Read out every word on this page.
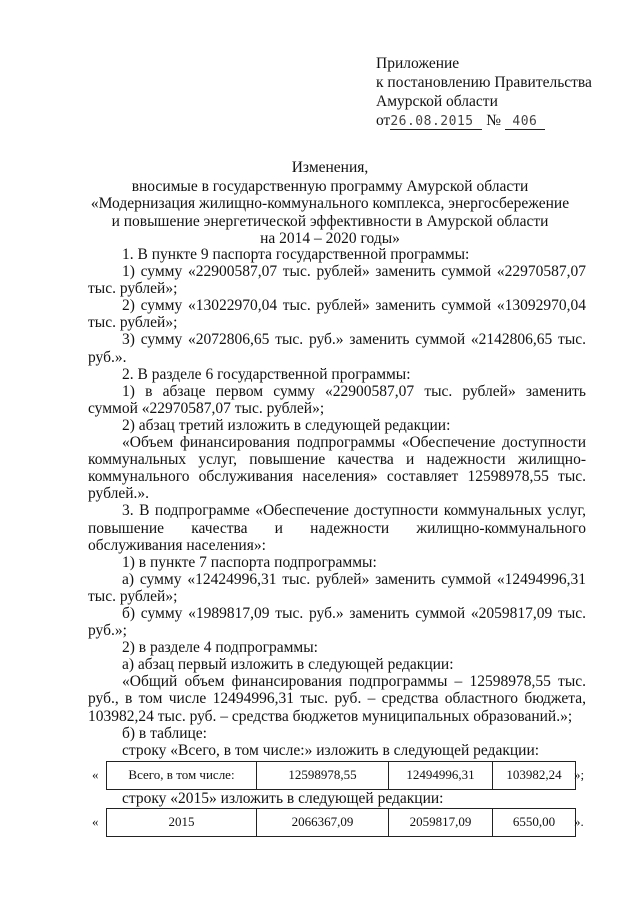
Приложение
к постановлению Правительства
Амурской области
от26.08.2015 № 406
Изменения,
вносимые в государственную программу Амурской области
«Модернизация жилищно-коммунального комплекса, энергосбережение
и повышение энергетической эффективности в Амурской области
на 2014 – 2020 годы»
1. В пункте 9 паспорта государственной программы:
1) сумму «22900587,07 тыс. рублей» заменить суммой «22970587,07 тыс. рублей»;
2) сумму «13022970,04 тыс. рублей» заменить суммой «13092970,04 тыс. рублей»;
3) сумму «2072806,65 тыс. руб.» заменить суммой «2142806,65 тыс. руб.».
2. В разделе 6 государственной программы:
1) в абзаце первом сумму «22900587,07 тыс. рублей» заменить суммой «22970587,07 тыс. рублей»;
2) абзац третий изложить в следующей редакции:
«Объем финансирования подпрограммы «Обеспечение доступности коммунальных услуг, повышение качества и надежности жилищно-коммунального обслуживания населения» составляет 12598978,55 тыс. рублей.».
3. В подпрограмме «Обеспечение доступности коммунальных услуг, повышение качества и надежности жилищно-коммунального обслуживания населения»:
1) в пункте 7 паспорта подпрограммы:
а) сумму «12424996,31 тыс. рублей» заменить суммой «12494996,31 тыс. рублей»;
б) сумму «1989817,09 тыс. руб.» заменить суммой «2059817,09 тыс. руб.»;
2) в разделе 4 подпрограммы:
а) абзац первый изложить в следующей редакции:
«Общий объем финансирования подпрограммы – 12598978,55 тыс. руб., в том числе 12494996,31 тыс. руб. – средства областного бюджета, 103982,24 тыс. руб. – средства бюджетов муниципальных образований.»;
б) в таблице:
строку «Всего, в том числе:» изложить в следующей редакции:
«	Всего, в том числе:	12598978,55	12494996,31	103982,24 »;
строку «2015» изложить в следующей редакции:
«	2015	2066367,09	2059817,09	6550,00	».
